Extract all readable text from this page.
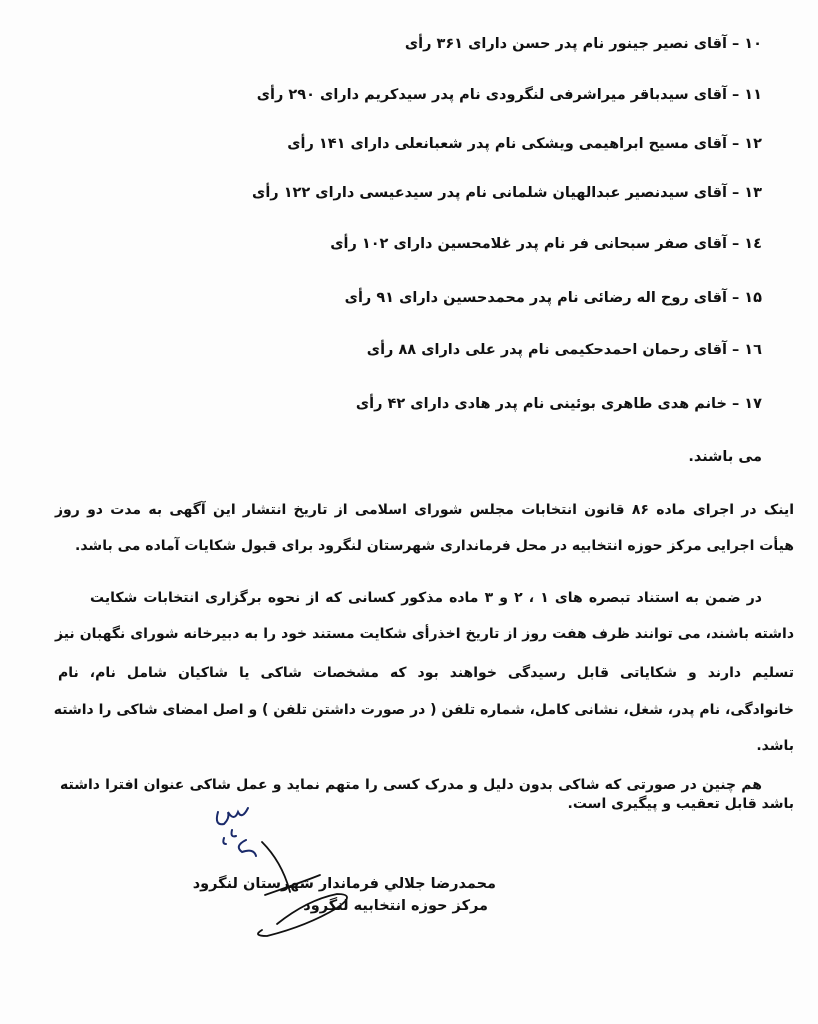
۱۰ – آقای نصیر جینور نام پدر حسن دارای ۳۶۱ رأی
۱۱ – آقای سیدباقر میراشرفی لنگرودی نام پدر سیدکریم دارای ۲۹۰ رأی
۱۲ – آقای مسیح ابراهیمی ویشکی نام پدر شعبانعلی دارای ۱۴۱ رأی
۱۳ – آقای سیدنصیر عبدالهیان شلمانی نام پدر سیدعیسی دارای ۱۲۲ رأی
۱٤ – آقای صفر سبحانی فر نام پدر غلامحسین دارای ۱۰۲ رأی
۱۵ – آقای روح اله رضائی نام پدر محمدحسین دارای ۹۱ رأی
۱٦ – آقای رحمان احمدحکیمی نام پدر علی دارای ۸۸ رأی
۱۷ – خانم هدی طاهری بوئینی نام پدر هادی دارای ۴۲ رأی
می باشند.
اینک در اجرای ماده ۸۶ قانون انتخابات مجلس شورای اسلامی از تاریخ انتشار این آگهی به مدت دو روز
هیأت اجرایی مرکز حوزه انتخابیه در محل فرمانداری شهرستان لنگرود برای قبول شکایات آماده می باشد.
در ضمن به استناد تبصره های ۱ ، ۲ و ۳ ماده مذکور کسانی که از نحوه برگزاری انتخابات شکایت
داشته باشند، می توانند ظرف هفت روز از تاریخ اخذرأی شکایت مستند خود را به دبیرخانه شورای نگهبان نیز
تسلیم دارند و شکایاتی قابل رسیدگی خواهند بود که مشخصات شاکی یا شاکیان شامل نام، نام
خانوادگی، نام پدر، شغل، نشانی کامل، شماره تلفن ( در صورت داشتن تلفن ) و اصل امضای شاکی را داشته
باشد.
هم چنین در صورتی که شاکی بدون دلیل و مدرک کسی را متهم نماید و عمل شاکی عنوان افترا داشته
باشد قابل تعقیب و پیگیری است.
محمدرضا جلالي فرماندار شهرستان لنگرود
مرکز حوزه انتخابیه لنگرود
